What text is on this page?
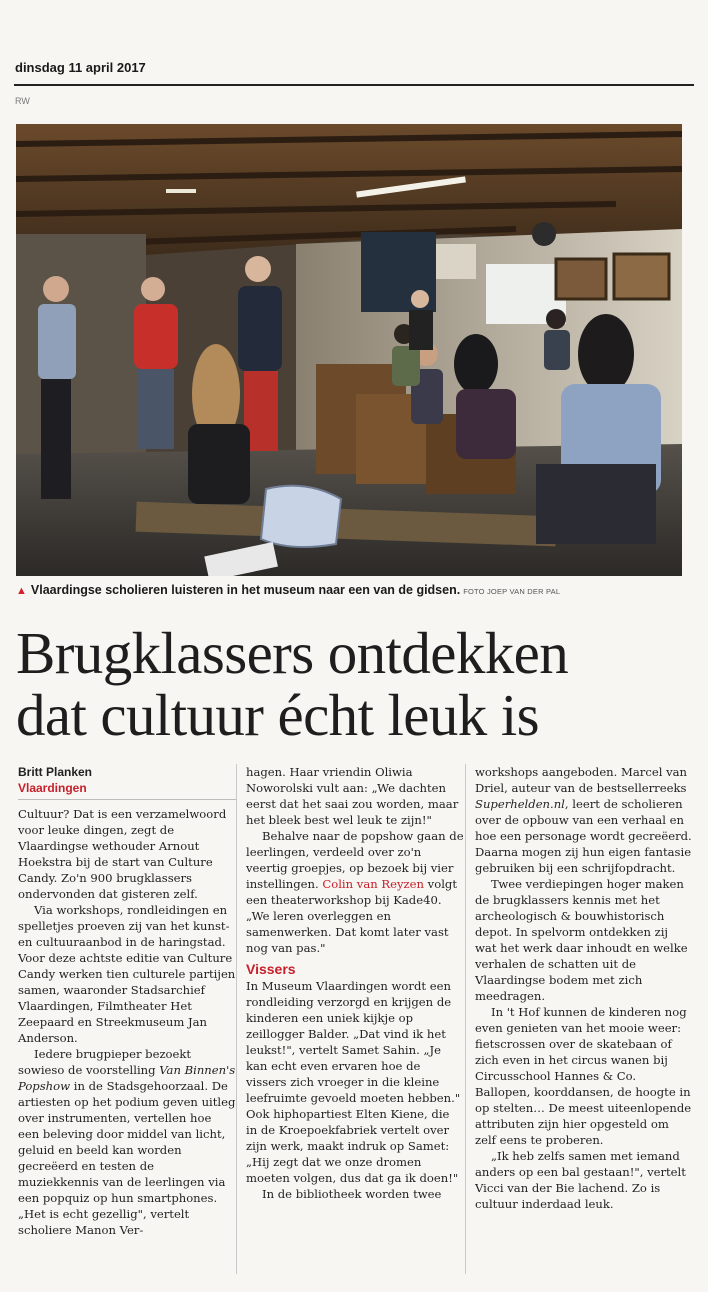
dinsdag 11 april 2017
RW
▲ Vlaardingse scholieren luisteren in het museum naar een van de gidsen. FOTO JOEP VAN DER PAL
Brugklassers ontdekken
dat cultuur écht leuk is
Britt Planken
Vlaardingen

Cultuur? Dat is een verzamelwoord voor leuke dingen, zegt de Vlaardingse wethouder Arnout Hoekstra bij de start van Culture Candy. Zo'n 900 brugklassers ondervonden dat gisteren zelf.

Via workshops, rondleidingen en spelletjes proeven zij van het kunst- en cultuuraanbod in de haringstad. Voor deze achtste editie van Culture Candy werken tien culturele partijen samen, waaronder Stadsarchief Vlaardingen, Filmtheater Het Zeepaard en Streekmuseum Jan Anderson.

Iedere brugpieper bezoekt sowieso de voorstelling Van Binnen's Popshow in de Stadsgehoorzaal. De artiesten op het podium geven uitleg over instrumenten, vertellen hoe een beleving door middel van licht, geluid en beeld kan worden gecreëerd en testen de muziekkennis van de leerlingen via een popquiz op hun smartphones. „Het is echt gezellig", vertelt scholiere Manon Ver-

hagen. Haar vriendin Oliwia Noworolski vult aan: „We dachten eerst dat het saai zou worden, maar het bleek best wel leuk te zijn!"

Behalve naar de popshow gaan de leerlingen, verdeeld over zo'n veertig groepjes, op bezoek bij vier instellingen. Colin van Reyzen volgt een theaterworkshop bij Kade40. „We leren overleggen en samenwerken. Dat komt later vast nog van pas."

Vissers

In Museum Vlaardingen wordt een rondleiding verzorgd en krijgen de kinderen een uniek kijkje op zeillogger Balder. „Dat vind ik het leukst!", vertelt Samet Sahin. „Je kan echt even ervaren hoe de vissers zich vroeger in die kleine leefruimte gevoeld moeten hebben." Ook hiphopartiest Elten Kiene, die in de Kroepoekfabriek vertelt over zijn werk, maakt indruk op Samet: „Hij zegt dat we onze dromen moeten volgen, dus dat ga ik doen!"

In de bibliotheek worden twee

workshops aangeboden. Marcel van Driel, auteur van de bestsellerreeks Superhelden.nl, leert de scholieren over de opbouw van een verhaal en hoe een personage wordt gecreëerd. Daarna mogen zij hun eigen fantasie gebruiken bij een schrijfopdracht.

Twee verdiepingen hoger maken de brugklassers kennis met het archeologisch & bouwhistorisch depot. In spelvorm ontdekken zij wat het werk daar inhoudt en welke verhalen de schatten uit de Vlaardingse bodem met zich meedragen.

In 't Hof kunnen de kinderen nog even genieten van het mooie weer: fietscrossen over de skatebaan of zich even in het circus wanen bij Circusschool Hannes & Co. Ballopen, koorddansen, de hoogte in op stelten… De meest uiteenlopende attributen zijn hier opgesteld om zelf eens te proberen.

„Ik heb zelfs samen met iemand anders op een bal gestaan!", vertelt Vicci van der Bie lachend. Zo is cultuur inderdaad leuk.
